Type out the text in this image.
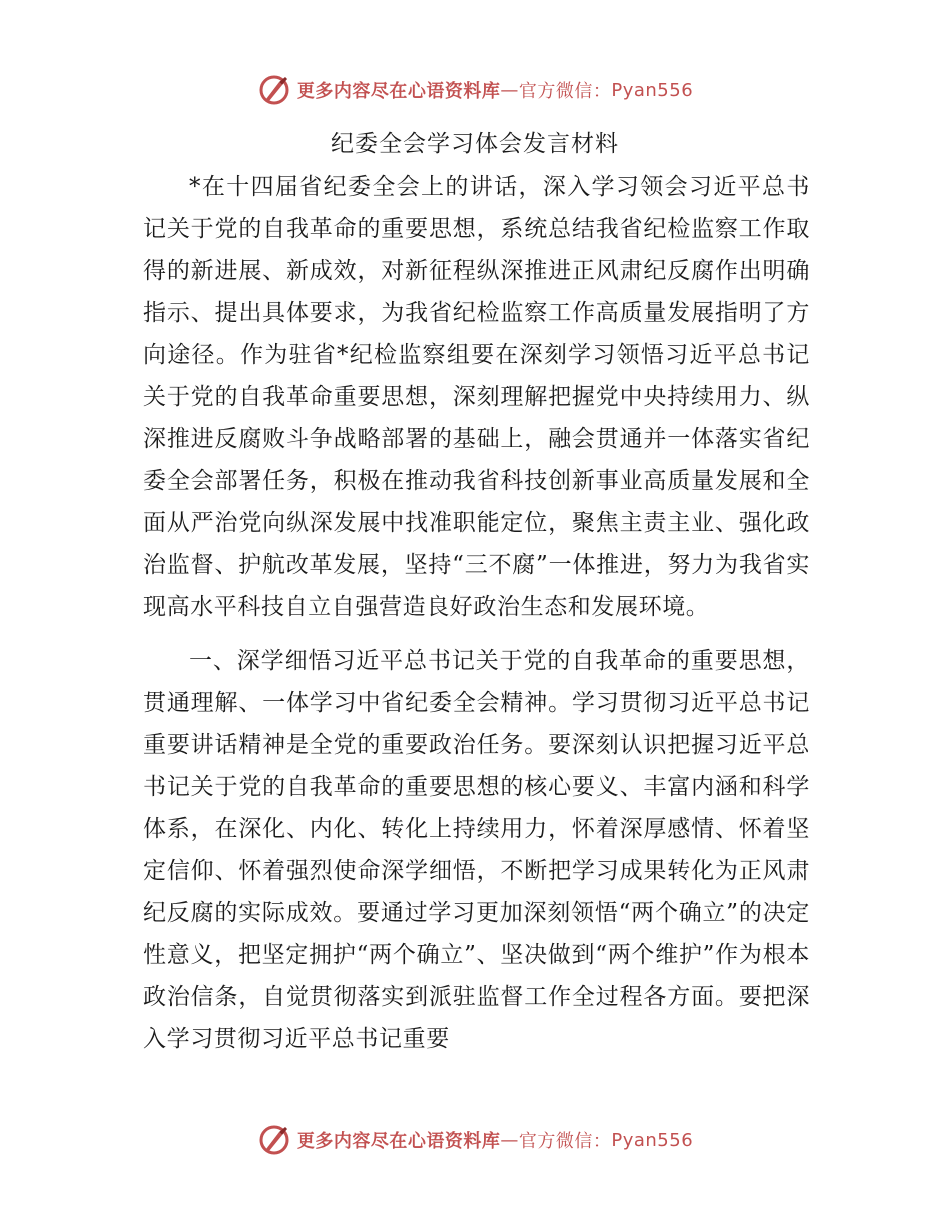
更多内容尽在心语资料库 — 官方微信： Pyan556
纪委全会学习体会发言材料

*在十四届省纪委全会上的讲话，深入学习领会习近平总书记关于党的自我革命的重要思想，系统总结我省纪检监察工作取得的新进展、新成效，对新征程纵深推进正风肃纪反腐作出明确指示、提出具体要求，为我省纪检监察工作高质量发展指明了方向途径。作为驻省*纪检监察组要在深刻学习领悟习近平总书记关于党的自我革命重要思想，深刻理解把握党中央持续用力、纵深推进反腐败斗争战略部署的基础上，融会贯通并一体落实省纪委全会部署任务，积极在推动我省科技创新事业高质量发展和全面从严治党向纵深发展中找准职能定位，聚焦主责主业、强化政治监督、护航改革发展，坚持“三不腐”一体推进，努力为我省实现高水平科技自立自强营造良好政治生态和发展环境。

一、深学细悟习近平总书记关于党的自我革命的重要思想，贯通理解、一体学习中省纪委全会精神。学习贯彻习近平总书记重要讲话精神是全党的重要政治任务。要深刻认识把握习近平总书记关于党的自我革命的重要思想的核心要义、丰富内涵和科学体系，在深化、内化、转化上持续用力，怀着深厚感情、怀着坚定信仰、怀着强烈使命深学细悟，不断把学习成果转化为正风肃纪反腐的实际成效。要通过学习更加深刻领悟“两个确立”的决定性意义，把坚定拥护“两个确立”、坚决做到“两个维护”作为根本政治信条，自觉贯彻落实到派驻监督工作全过程各方面。要把深入学习贯彻习近平总书记重要

更多内容尽在心语资料库 — 官方微信： Pyan556
